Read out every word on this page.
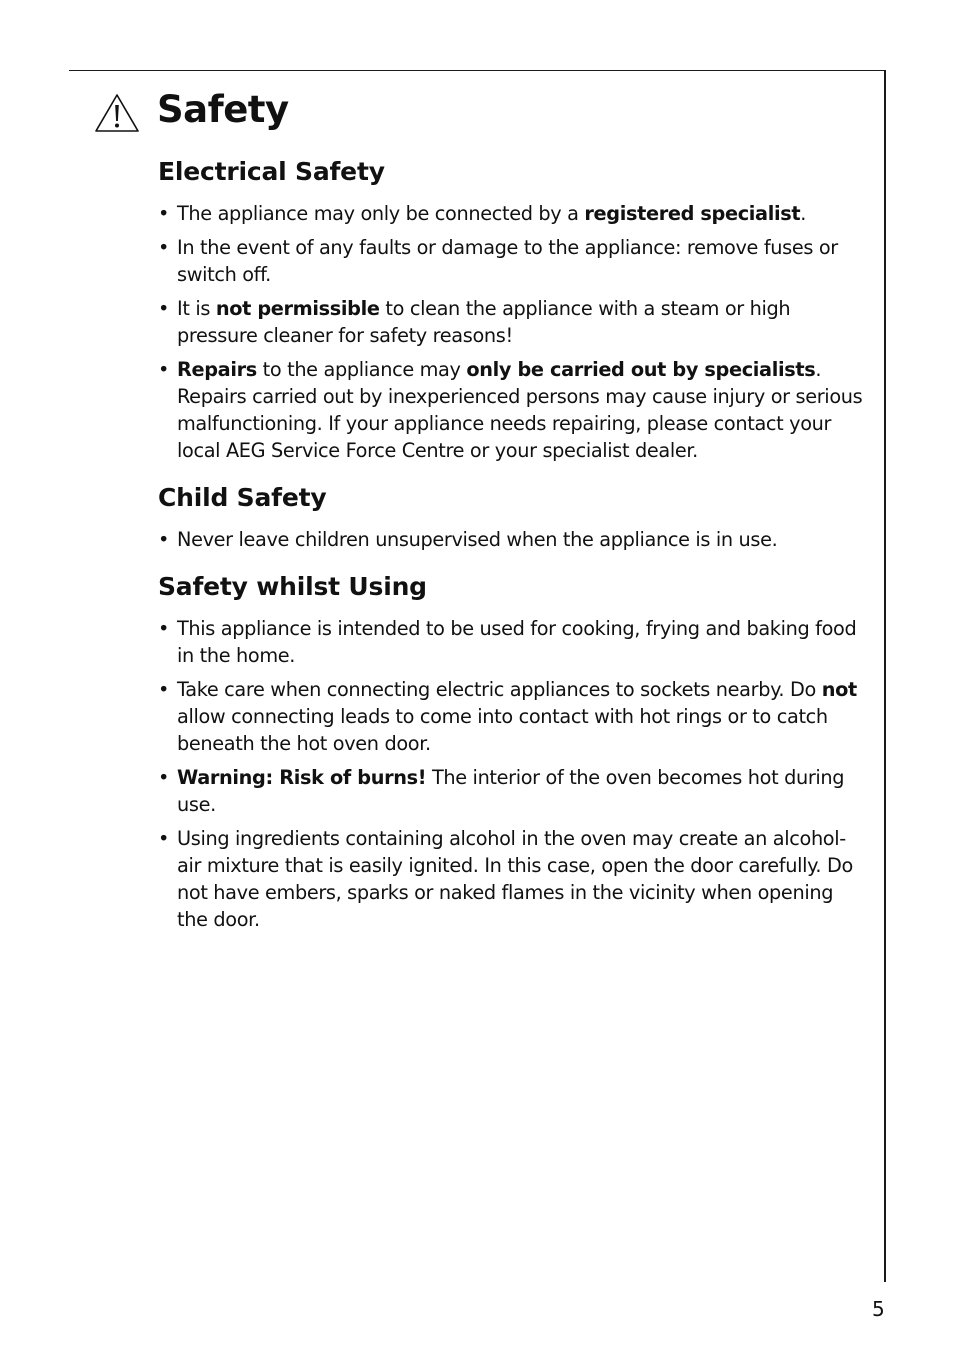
Safety
Electrical Safety
• The appliance may only be connected by a registered specialist.
• In the event of any faults or damage to the appliance: remove fuses or switch off.
• It is not permissible to clean the appliance with a steam or high pressure cleaner for safety reasons!
• Repairs to the appliance may only be carried out by specialists. Repairs carried out by inexperienced persons may cause injury or serious malfunctioning. If your appliance needs repairing, please contact your local AEG Service Force Centre or your specialist dealer.
Child Safety
• Never leave children unsupervised when the appliance is in use.
Safety whilst Using
• This appliance is intended to be used for cooking, frying and baking food in the home.
• Take care when connecting electric appliances to sockets nearby. Do not allow connecting leads to come into contact with hot rings or to catch beneath the hot oven door.
• Warning: Risk of burns! The interior of the oven becomes hot during use.
• Using ingredients containing alcohol in the oven may create an alcohol-air mixture that is easily ignited. In this case, open the door carefully. Do not have embers, sparks or naked flames in the vicinity when opening the door.
5
